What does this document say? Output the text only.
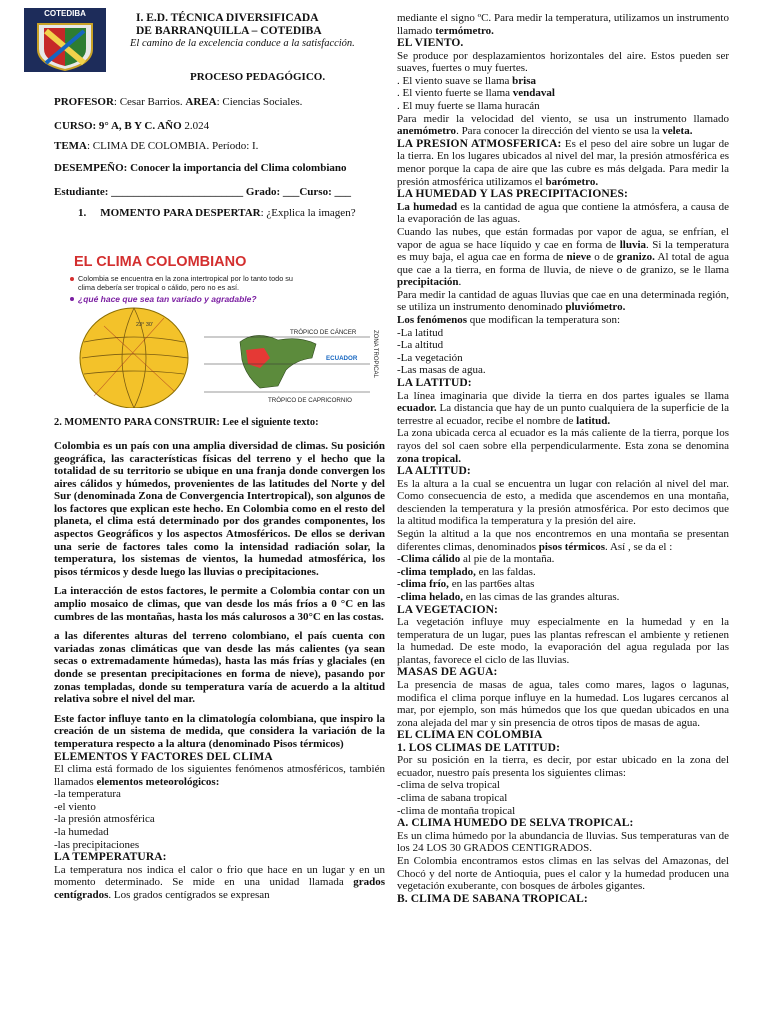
COTEDIBA	I. E.D. TÉCNICA DIVERSIFICADA
DE BARRANQUILLA – COTEDIBA
El camino de la excelencia conduce a la satisfacción.
PROCESO PEDAGÓGICO.
PROFESOR: Cesar Barrios. AREA: Ciencias Sociales.
CURSO: 9° A, B Y C. AÑO 2.024
TEMA: CLIMA DE COLOMBIA. Período: I.
DESEMPEÑO: Conocer la importancia del Clima colombiano
Estudiante: ________________________ Grado: ___Curso: ___
1. MOMENTO PARA DESPERTAR: ¿Explica la imagen?
EL CLIMA COLOMBIANO
Colombia se encuentra en la zona intertropical por lo tanto todo su
clima debería ser tropical o cálido, pero no es así.
¿qué hace que sea tan variado y agradable?
23° 30'
TRÓPICO DE CÁNCER
ECUADOR
TRÓPICO DE CAPRICORNIO
ZONA TROPICAL
2. MOMENTO PARA CONSTRUIR: Lee el siguiente texto:

Colombia es un país con una amplia diversidad de climas. Su posición geográfica, las características físicas del terreno y el hecho que la totalidad de su territorio se ubique en una franja donde convergen los aires cálidos y húmedos, provenientes de las latitudes del Norte y del Sur (denominada Zona de Convergencia Intertropical), son algunos de los factores que explican este hecho. En Colombia como en el resto del planeta, el clima está determinado por dos grandes componentes, los aspectos Geográficos y los aspectos Atmosféricos. De ellos se derivan una serie de factores tales como la intensidad radiación solar, la temperatura, los sistemas de vientos, la humedad atmosférica, los pisos térmicos y desde luego las lluvias o precipitaciones.

La interacción de estos factores, le permite a Colombia contar con un amplio mosaico de climas, que van desde los más fríos a 0 °C en las cumbres de las montañas, hasta los más calurosos a 30°C en las costas.

a las diferentes alturas del terreno colombiano, el país cuenta con variadas zonas climáticas que van desde las más calientes (ya sean secas o extremadamente húmedas), hasta las más frías y glaciales (en donde se presentan precipitaciones en forma de nieve), pasando por zonas templadas, donde su temperatura varía de acuerdo a la altitud relativa sobre el nivel del mar.

Este factor influye tanto en la climatología colombiana, que inspiro la creación de un sistema de medida, que considera la variación de la temperatura respecto a la altura (denominado Pisos térmicos)

ELEMENTOS Y FACTORES DEL CLIMA

El clima está formado de los siguientes fenómenos atmosféricos, también llamados elementos meteorológicos:

-la temperatura
-el viento
-la presión atmosférica
-la humedad
-las precipitaciones
LA TEMPERATURA:

La temperatura nos indica el calor o frio que hace en un lugar y en un momento determinado. Se mide en una unidad llamada grados centígrados. Los grados centígrados se expresan

mediante el signo ºC. Para medir la temperatura, utilizamos un instrumento llamado termómetro.

EL VIENTO.

Se produce por desplazamientos horizontales del aire. Estos pueden ser suaves, fuertes o muy fuertes.

. El viento suave se llama brisa
. El viento fuerte se llama vendaval
. El muy fuerte se llama huracán

Para medir la velocidad del viento, se usa un instrumento llamado anemómetro. Para conocer la dirección del viento se usa la veleta.

LA PRESION ATMOSFERICA: Es el peso del aire sobre un lugar de la tierra. En los lugares ubicados al nivel del mar, la presión atmosférica es menor porque la capa de aire que las cubre es más delgada. Para medir la presión atmosférica utilizamos el barómetro.

LA HUMEDAD Y LAS PRECIPITACIONES:

La humedad es la cantidad de agua que contiene la atmósfera, a causa de la evaporación de las aguas.

Cuando las nubes, que están formadas por vapor de agua, se enfrían, el vapor de agua se hace líquido y cae en forma de lluvia. Si la temperatura es muy baja, el agua cae en forma de nieve o de granizo. Al total de agua que cae a la tierra, en forma de lluvia, de nieve o de granizo, se le llama precipitación.

Para medir la cantidad de aguas lluvias que cae en una determinada región, se utiliza un instrumento denominado pluviómetro.

Los fenómenos que modifican la temperatura son:

-La latitud
-La altitud
-La vegetación
-Las masas de agua.
LA LATITUD:

La línea imaginaria que divide la tierra en dos partes iguales se llama ecuador. La distancia que hay de un punto cualquiera de la superficie de la terrestre al ecuador, recibe el nombre de latitud.

La zona ubicada cerca al ecuador es la más caliente de la tierra, porque los rayos del sol caen sobre ella perpendicularmente. Esta zona se denomina zona tropical.

LA ALTITUD:

Es la altura a la cual se encuentra un lugar con relación al nivel del mar. Como consecuencia de esto, a medida que ascendemos en una montaña, descienden la temperatura y la presión atmosférica. Por esto decimos que la altitud modifica la temperatura y la presión del aire.

Según la altitud a la que nos encontremos en una montaña se presentan diferentes climas, denominados pisos térmicos. Así , se da el :

-Clima cálido al pie de la montaña.
-clima templado, en las faldas.
-clima frío, en las part6es altas
-clima helado, en las cimas de las grandes alturas.
LA VEGETACION:

La vegetación influye muy especialmente en la humedad y en la temperatura de un lugar, pues las plantas refrescan el ambiente y retienen la humedad. De este modo, la evaporación del agua regulada por las plantas, favorece el ciclo de las lluvias.

MASAS DE AGUA:

La presencia de masas de agua, tales como mares, lagos o lagunas, modifica el clima porque influye en la humedad. Los lugares cercanos al mar, por ejemplo, son más húmedos que los que quedan ubicados en una zona alejada del mar y sin presencia de otros tipos de masas de agua.

EL CLIMA EN COLOMBIA
1. LOS CLIMAS DE LATITUD:

Por su posición en la tierra, es decir, por estar ubicado en la zona del ecuador, nuestro país presenta los siguientes climas:

-clima de selva tropical
-clima de sabana tropical
-clima de montaña tropical
A. CLIMA HUMEDO DE SELVA TROPICAL:

Es un clima húmedo por la abundancia de lluvias. Sus temperaturas van de los 24 LOS 30 GRADOS CENTIGRADOS.

En Colombia encontramos estos climas en las selvas del Amazonas, del Chocó y del norte de Antioquia, pues el calor y la humedad producen una vegetación exuberante, con bosques de árboles gigantes.

B. CLIMA DE SABANA TROPICAL:
